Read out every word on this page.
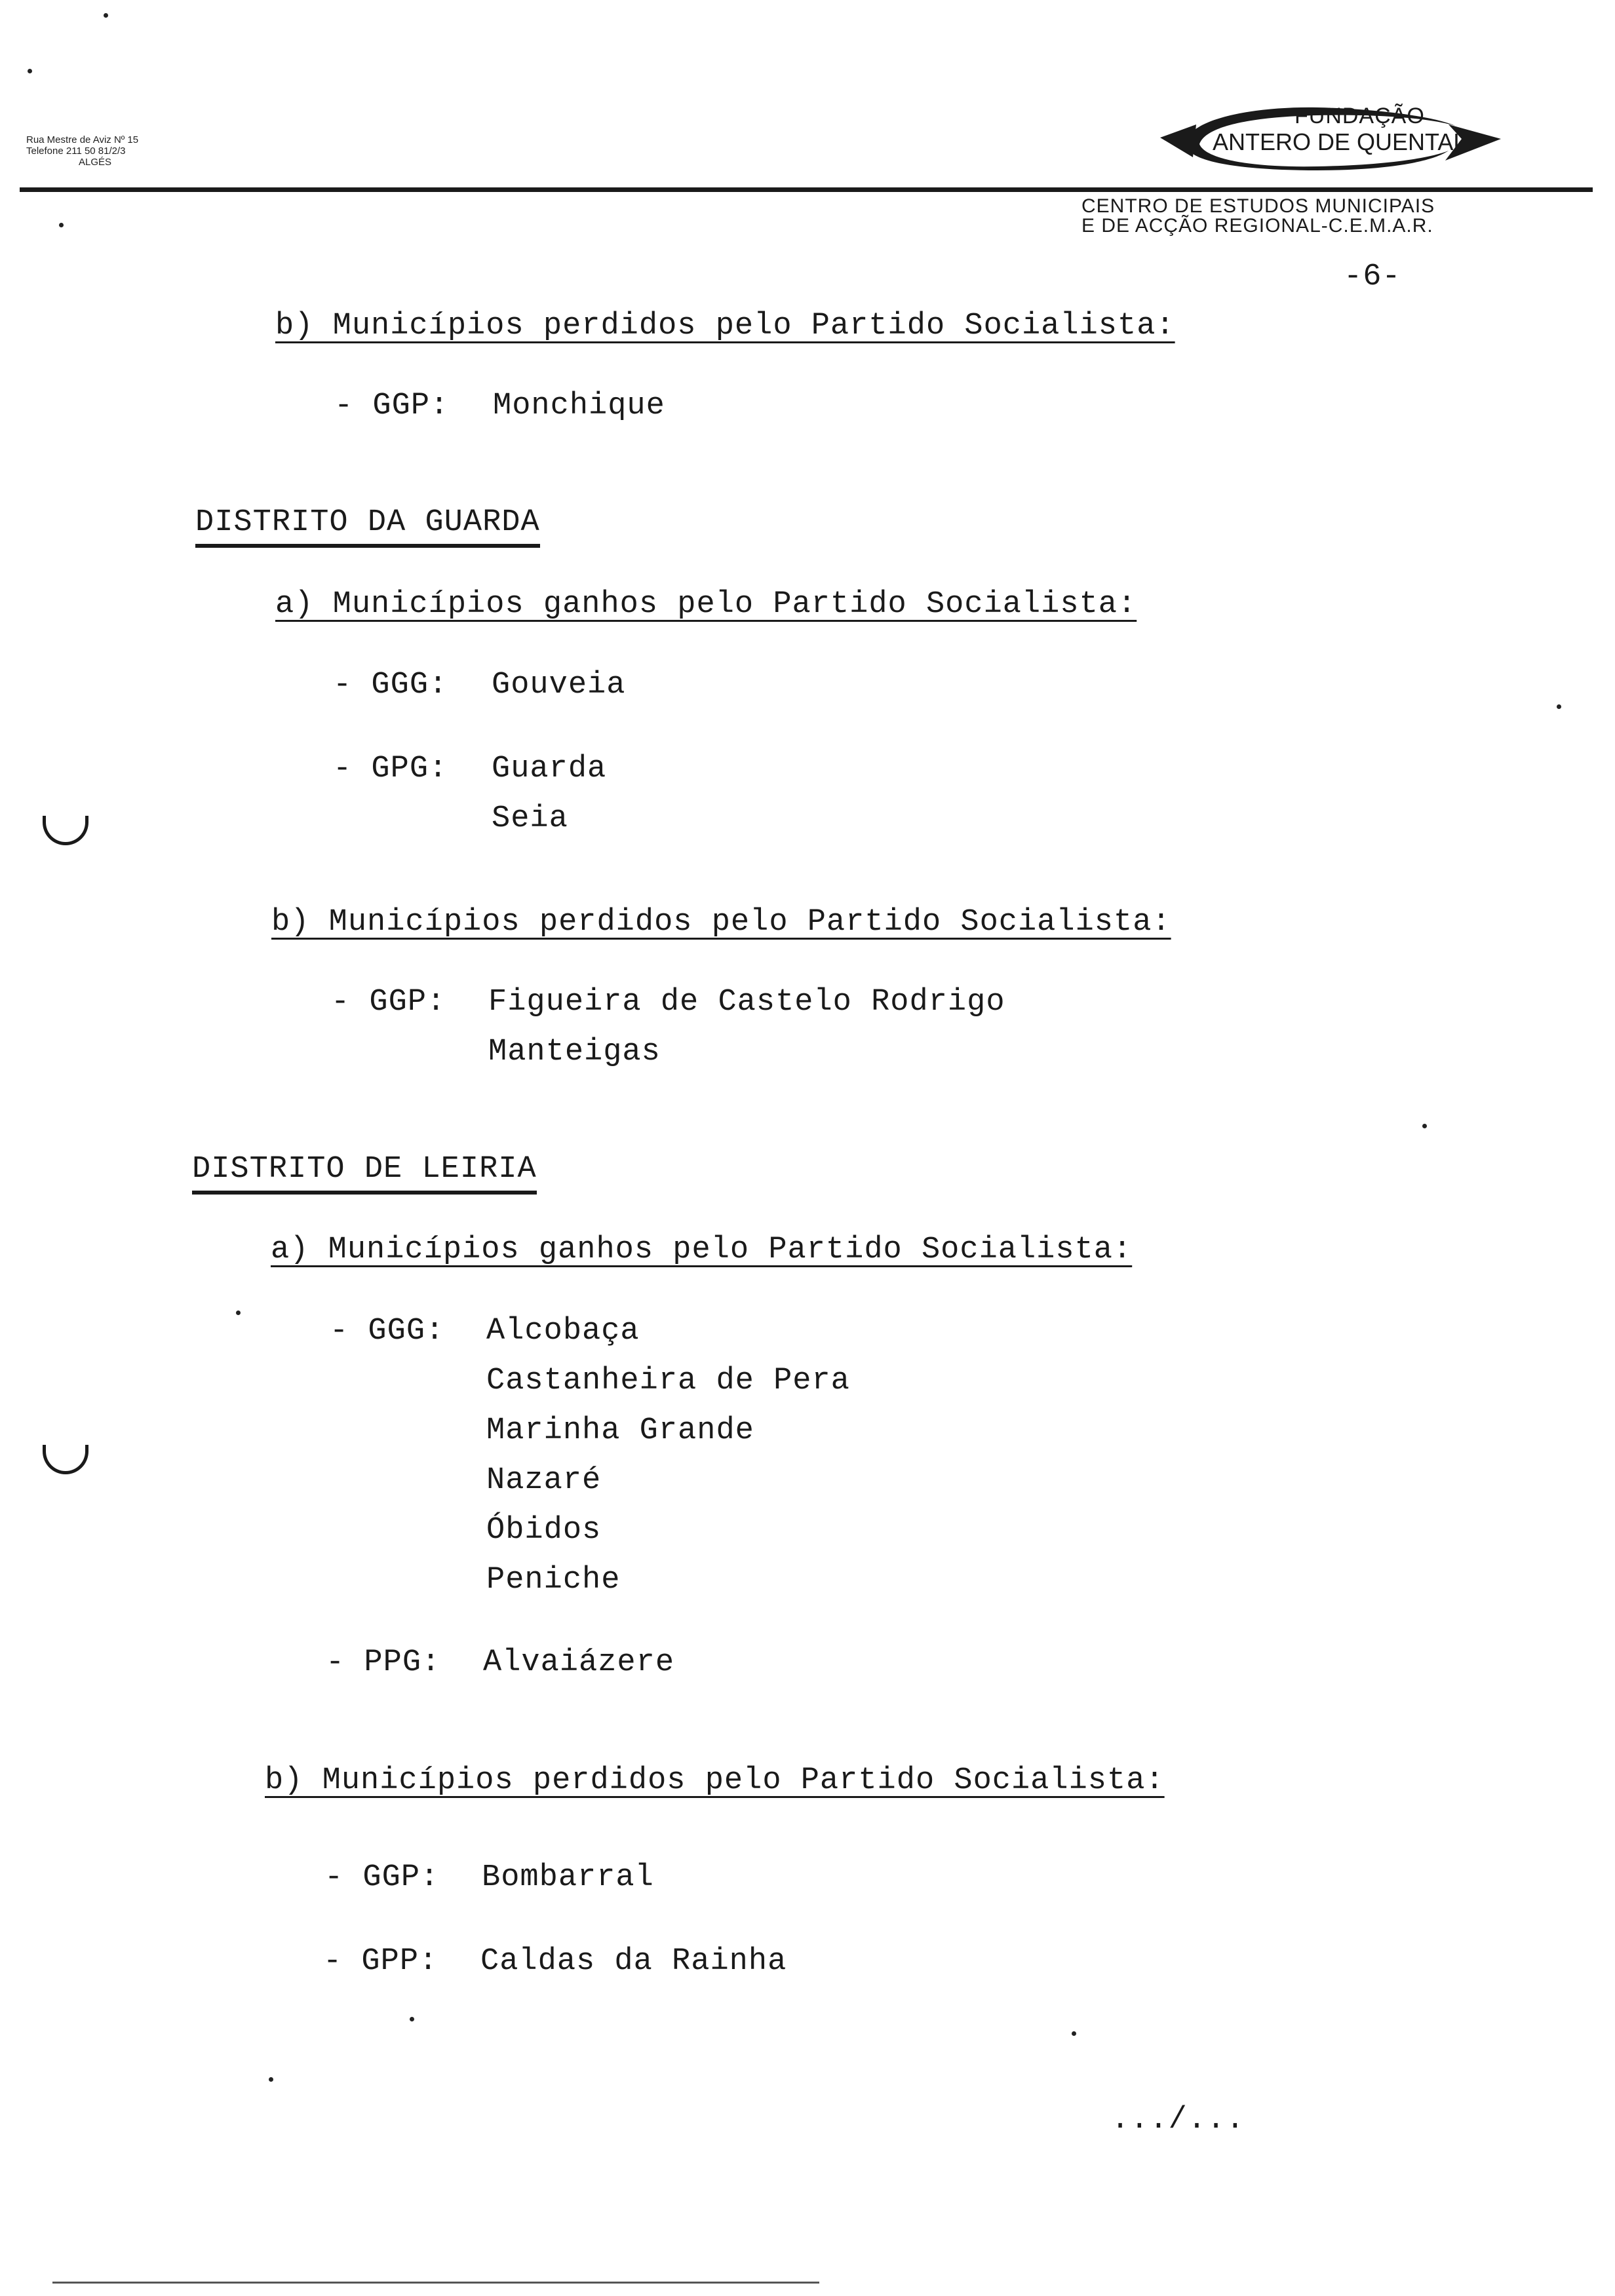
Rua Mestre de Aviz Nº 15
Telefone 211 50 81/2/3
ALGÉS
FUNDAÇÃO
ANTERO DE QUENTAL
CENTRO DE ESTUDOS MUNICIPAIS
E DE ACÇÃO REGIONAL-C.E.M.A.R.
-6-
b) Municípios perdidos pelo Partido Socialista:
- GGP: Monchique
DISTRITO DA GUARDA
a) Municípios ganhos pelo Partido Socialista:
- GGG: Gouveia
- GPG: Guarda
Seia
b) Municípios perdidos pelo Partido Socialista:
- GGP: Figueira de Castelo Rodrigo
Manteigas
DISTRITO DE LEIRIA
a) Municípios ganhos pelo Partido Socialista:
- GGG: Alcobaça
Castanheira de Pera
Marinha Grande
Nazaré
Óbidos
Peniche
- PPG: Alvaiázere
b) Municípios perdidos pelo Partido Socialista:
- GGP: Bombarral
- GPP: Caldas da Rainha
.../...
